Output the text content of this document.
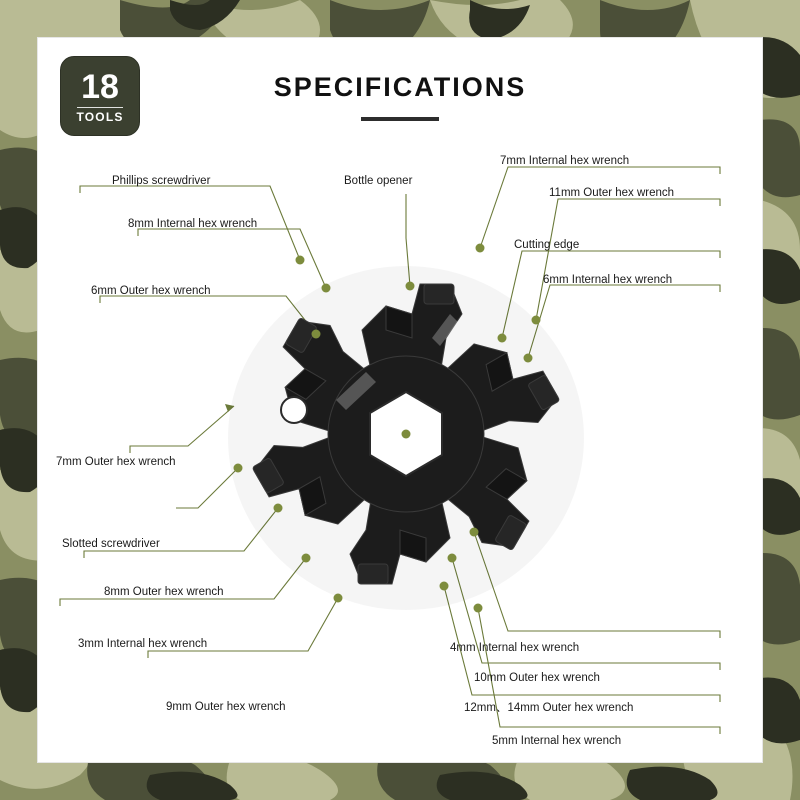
18
TOOLS
SPECIFICATIONS
Phillips screwdriver
8mm Internal hex wrench
6mm Outer hex wrench
7mm Outer hex wrench
Slotted screwdriver
8mm Outer hex wrench
3mm Internal hex wrench
9mm Outer hex wrench
Bottle opener
7mm Internal hex wrench
11mm Outer hex wrench
Cutting edge
6mm Internal hex wrench
4mm Internal hex wrench
10mm Outer hex wrench
12mm、14mm Outer hex wrench
5mm Internal hex wrench
